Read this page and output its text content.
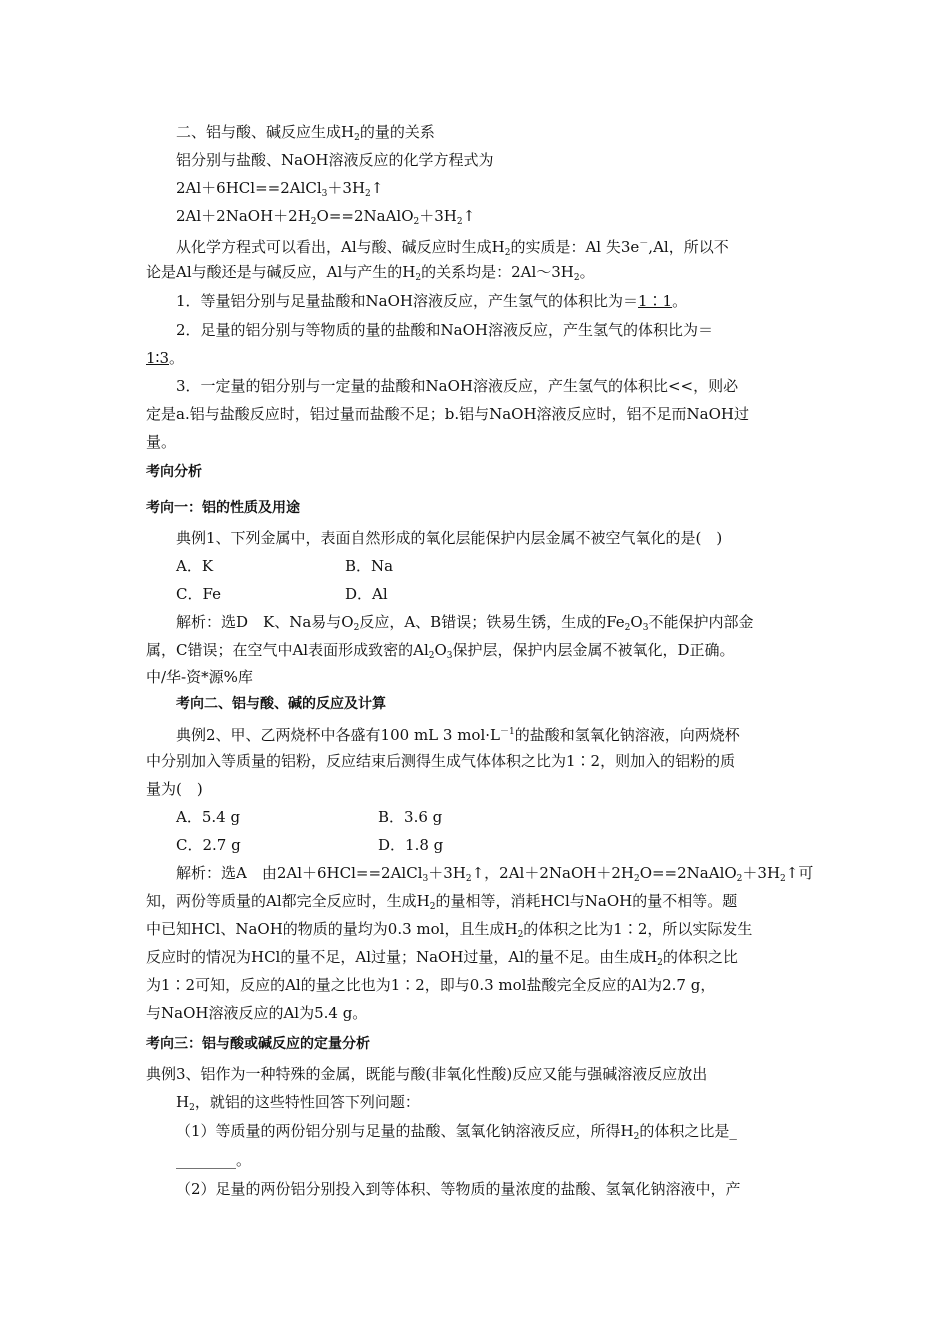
二、铝与酸、碱反应生成$H_2$的量的关系
铝分别与盐酸、NaOH溶液反应的化学方程式为
$2Al+6HCl==2AlCl_3+3H_2↑$
$2Al+2NaOH+2H_2O==2NaAlO_2+3H_2↑$
从化学方程式可以看出，Al与酸、碱反应时生成$H_2$的实质是：Al 失3e－,Al，所以不
论是Al与酸还是与碱反应，Al与产生的$H_2$的关系均是：$2Al\sim 3H_2$。
1．等量铝分别与足量盐酸和NaOH溶液反应，产生氢气的体积比为＝1∶1。
2．足量的铝分别与等物质的量的盐酸和NaOH溶液反应，产生氢气的体积比为＝
1∶3。
3．一定量的铝分别与一定量的盐酸和NaOH溶液反应，产生氢气的体积比<<，则必
定是a.铝与盐酸反应时，铝过量而盐酸不足；b.铝与NaOH溶液反应时，铝不足而NaOH过
量。
考向分析
考向一：铝的性质及用途
典例1、下列金属中，表面自然形成的氧化层能保护内层金属不被空气氧化的是(　)
A．K	B．Na
C．Fe	D．Al
解析：选D　K、Na易与$O_2$反应，A、B错误；铁易生锈，生成的$Fe_2O_3$不能保护内部金
属，C错误；在空气中Al表面形成致密的$Al_2O_3$保护层，保护内层金属不被氧化，D正确。
中/华-资*源%库
考向二、铝与酸、碱的反应及计算
典例2、甲、乙两烧杯中各盛有100 mL 3 $mol\cdot L^{-1}$的盐酸和氢氧化钠溶液，向两烧杯
中分别加入等质量的铝粉，反应结束后测得生成气体体积之比为1∶2，则加入的铝粉的质
量为(　)
A．5.4 g	B．3.6 g
C．2.7 g	D．1.8 g
解析：选A　由$2Al+6HCl==2AlCl_3+3H_2↑$，$2Al+2NaOH+2H_2O==2NaAlO_2+3H_2↑$可
知，两份等质量的Al都完全反应时，生成$H_2$的量相等，消耗HCl与NaOH的量不相等。题
中已知HCl、NaOH的物质的量均为0.3 mol，且生成$H_2$的体积之比为1∶2，所以实际发生
反应时的情况为HCl的量不足，Al过量；NaOH过量，Al的量不足。由生成$H_2$的体积之比
为1∶2可知，反应的Al的量之比也为1∶2，即与0.3 mol盐酸完全反应的Al为2.7 g，
与NaOH溶液反应的Al为5.4 g。
考向三：铝与酸或碱反应的定量分析
典例3、铝作为一种特殊的金属，既能与酸(非氧化性酸)反应又能与强碱溶液反应放出
$H_2$，就铝的这些特性回答下列问题：
（1）等质量的两份铝分别与足量的盐酸、氢氧化钠溶液反应，所得$H_2$的体积之比是_
________。
（2）足量的两份铝分别投入到等体积、等物质的量浓度的盐酸、氢氧化钠溶液中，产
